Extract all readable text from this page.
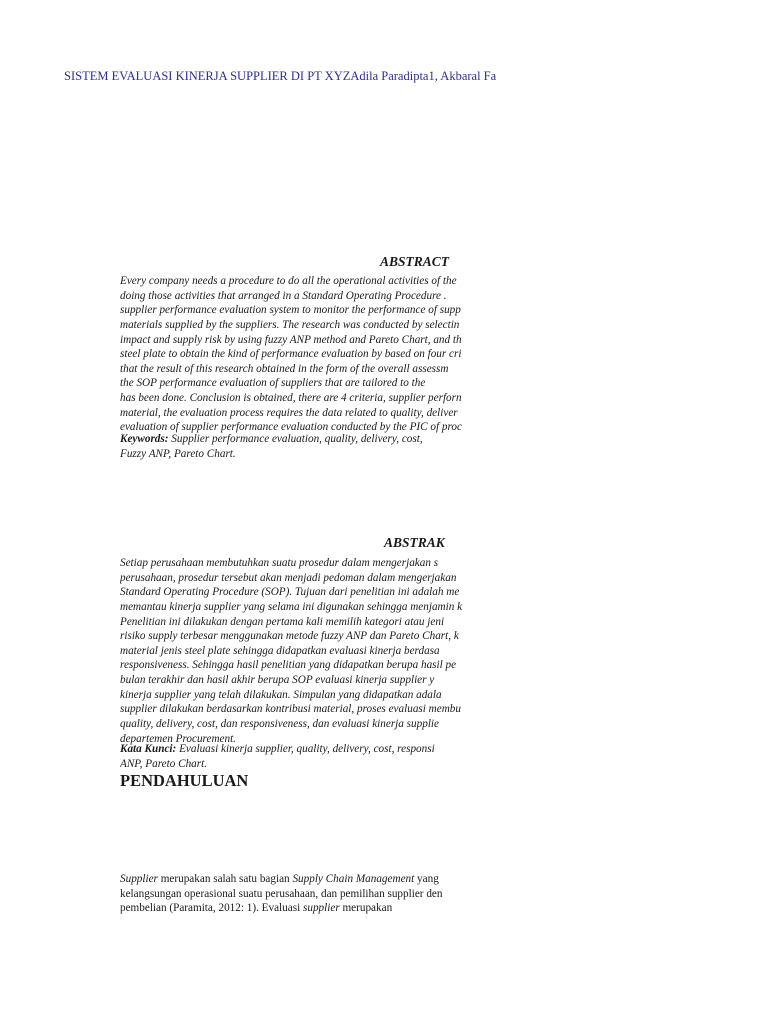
SISTEM EVALUASI KINERJA SUPPLIER DI PT XYZAdila Paradipta1, Akbaral Fa
ABSTRACT
Every company needs a procedure to do all the operational activities of the
doing those activities that arranged in a Standard Operating Procedure .
supplier performance evaluation system to monitor the performance of supp
materials supplied by the suppliers. The research was conducted by selectin
impact and supply risk by using fuzzy ANP method and Pareto Chart, and th
steel plate to obtain the kind of performance evaluation by based on four cri
that the result of this research obtained in the form of the overall assessm
the SOP performance evaluation of suppliers that are tailored to the
has been done. Conclusion is obtained, there are 4 criteria, supplier perforn
material, the evaluation process requires the data related to quality, deliver
evaluation of supplier performance evaluation conducted by the PIC of proc
Keywords: Supplier performance evaluation, quality, delivery, cost,
Fuzzy ANP, Pareto Chart.
ABSTRAK
Setiap perusahaan membutuhkan suatu prosedur dalam mengerjakan s
perusahaan, prosedur tersebut akan menjadi pedoman dalam mengerjakan
Standard Operating Procedure (SOP). Tujuan dari penelitian ini adalah me
memantau kinerja supplier yang selama ini digunakan sehingga menjamin k
Penelitian ini dilakukan dengan pertama kali memilih kategori atau jeni
risiko supply terbesar menggunakan metode fuzzy ANP dan Pareto Chart, k
material jenis steel plate sehingga didapatkan evaluasi kinerja berdasa
responsiveness. Sehingga hasil penelitian yang didapatkan berupa hasil pe
bulan terakhir dan hasil akhir berupa SOP evaluasi kinerja supplier y
kinerja supplier yang telah dilakukan. Simpulan yang didapatkan adala
supplier dilakukan berdasarkan kontribusi material, proses evaluasi membu
quality, delivery, cost, dan responsiveness, dan evaluasi kinerja supplie
departemen Procurement.
Kata Kunci: Evaluasi kinerja supplier, quality, delivery, cost, responsi
ANP, Pareto Chart.
PENDAHULUAN
Supplier merupakan salah satu bagian Supply Chain Management yang
kelangsungan operasional suatu perusahaan, dan pemilihan supplier den
pembelian (Paramita, 2012: 1). Evaluasi supplier merupakan
